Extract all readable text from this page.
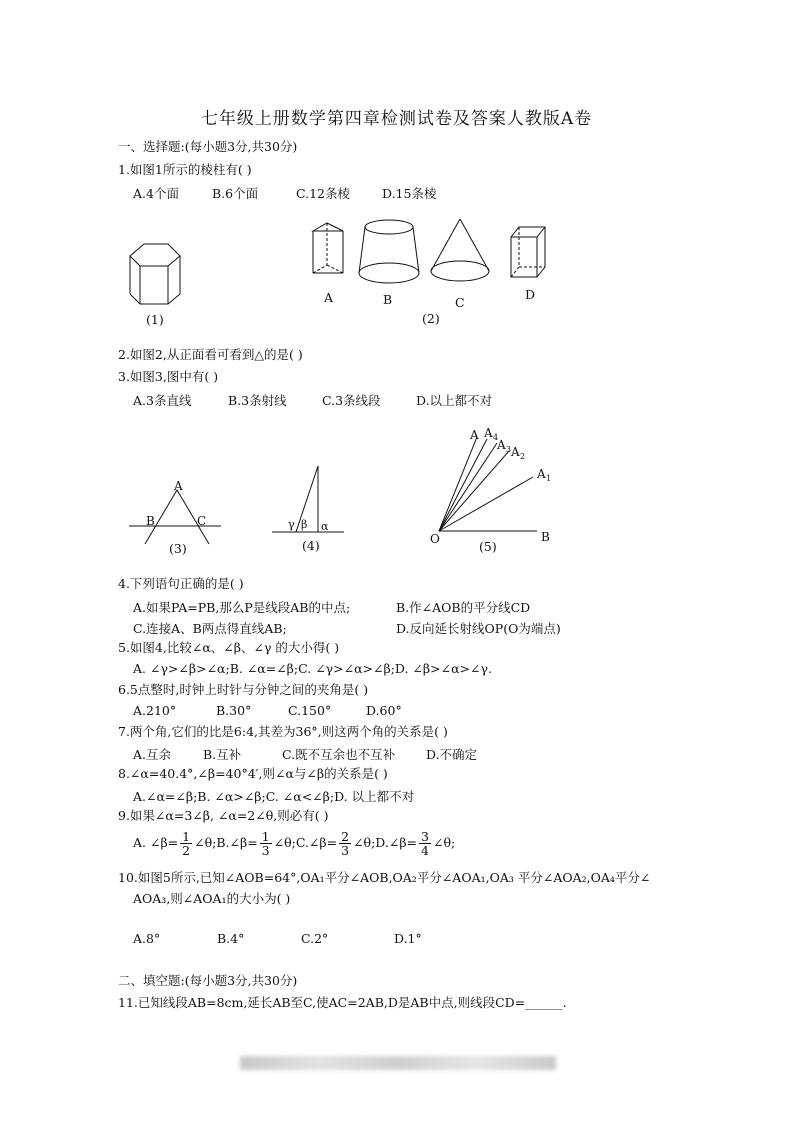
七年级上册数学第四章检测试卷及答案人教版A卷
一、选择题:(每小题3分,共30分)
1.如图1所示的棱柱有( )
A.4个面	B.6个面	C.12条棱	D.15条棱
(1)
A	B	C
D
(2)
2.如图2,从正面看可看到△的是( )
3.如图3,图中有( )
A.3条直线	B.3条射线	C.3条线段	D.以上都不对
A
B	C
(3)
γ β α
(4)
A A 4
A 3 A 2
A 1
O	B
(5)
4.下列语句正确的是( )
A.如果PA=PB,那么P是线段AB的中点;	B.作∠AOB的平分线CD
C.连接A、B两点得直线AB;	D.反向延长射线OP(O为端点)
5.如图4,比较∠α、∠β、∠γ 的大小得( )
A. ∠γ>∠β>∠α;B. ∠α=∠β;C. ∠γ>∠α>∠β;D. ∠β>∠α>∠γ.
6.5点整时,时钟上时针与分钟之间的夹角是( )
A.210°	B.30°	C.150°	D.60°
7.两个角,它们的比是6:4,其差为36°,则这两个角的关系是( )
A.互余	B.互补	C.既不互余也不互补 D.不确定
8.∠α=40.4°,∠β=40°4′,则∠α与∠β的关系是( )
A.∠α=∠β;B. ∠α>∠β;C. ∠α<∠β;D. 以上都不对
9.如果∠α=3∠β, ∠α=2∠θ,则必有( )
A. ∠β= $\frac{1}{2}$ ∠θ;B.∠β= $\frac{1}{3}$ ∠θ;C.∠β= $\frac{2}{3}$ ∠θ;D.∠β= $\frac{3}{4}$ ∠θ;
10.如图5所示,已知∠AOB=64°,OA₁平分∠AOB,OA₂平分∠AOA₁,OA₃ 平分∠AOA₂,OA₄平分∠
AOA₃,则∠AOA₁的大小为( )
A.8°	B.4°	C.2°	D.1°
二、填空题:(每小题3分,共30分)
11.已知线段AB=8cm,延长AB至C,使AC=2AB,D是AB中点,则线段CD=______.
